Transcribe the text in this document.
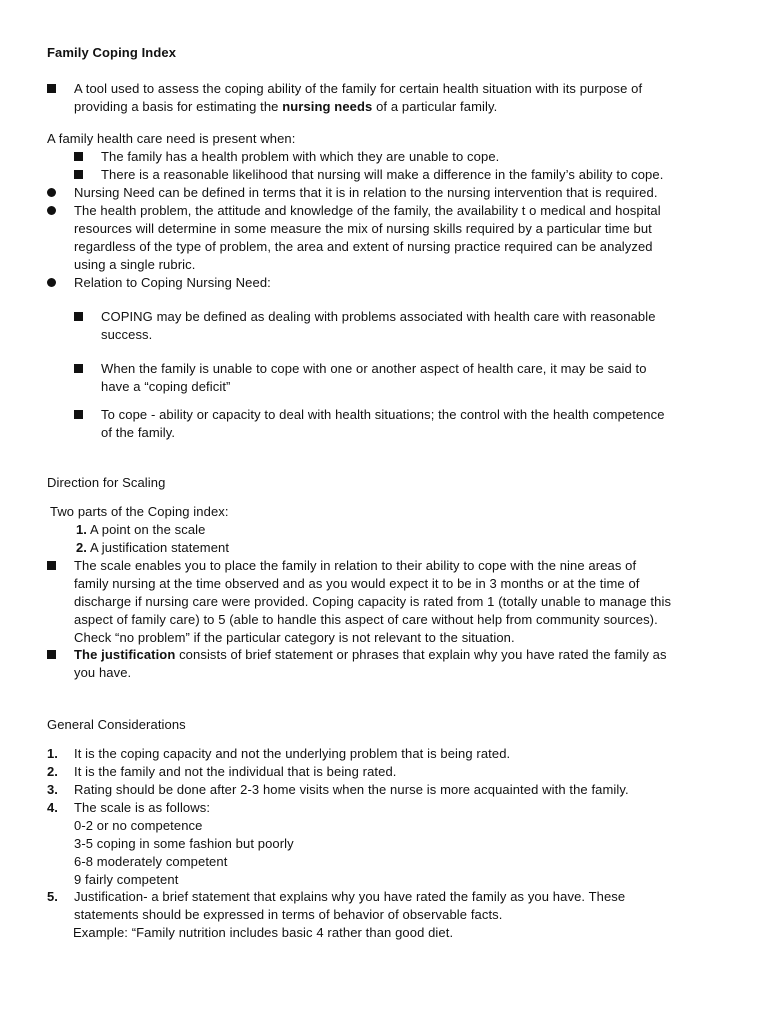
Family Coping Index
A tool used to assess the coping ability of the family for certain health situation with its purpose of
providing a basis for estimating the nursing needs of a particular family.
A family health care need is present when:
The family has a health problem with which they are unable to cope.
There is a reasonable likelihood that nursing will make a difference in the family’s ability to cope.
Nursing Need can be defined in terms that it is in relation to the nursing intervention that is required.
The health problem, the attitude and knowledge of the family, the availability t o medical and hospital
resources will determine in some measure the mix of nursing skills required by a particular time but
regardless of the type of problem, the area and extent of nursing practice required can be analyzed
using a single rubric.
Relation to Coping Nursing Need:
COPING may be defined as dealing with problems associated with health care with reasonable
success.
When the family is unable to cope with one or another aspect of health care, it may be said to
have a “coping deficit”
To cope - ability or capacity to deal with health situations; the control with the health competence
of the family.
Direction for Scaling
Two parts of the Coping index:
1. A point on the scale
2. A justification statement
The scale enables you to place the family in relation to their ability to cope with the nine areas of
family nursing at the time observed and as you would expect it to be in 3 months or at the time of
discharge if nursing care were provided. Coping capacity is rated from 1 (totally unable to manage this
aspect of family care) to 5 (able to handle this aspect of care without help from community sources).
Check “no problem” if the particular category is not relevant to the situation.
The justification consists of brief statement or phrases that explain why you have rated the family as
you have.
General Considerations
1. It is the coping capacity and not the underlying problem that is being rated.
2. It is the family and not the individual that is being rated.
3. Rating should be done after 2-3 home visits when the nurse is more acquainted with the family.
4. The scale is as follows:
0-2 or no competence
3-5 coping in some fashion but poorly
6-8 moderately competent
9 fairly competent
5. Justification- a brief statement that explains why you have rated the family as you have. These
statements should be expressed in terms of behavior of observable facts.
Example: “Family nutrition includes basic 4 rather than good diet.
